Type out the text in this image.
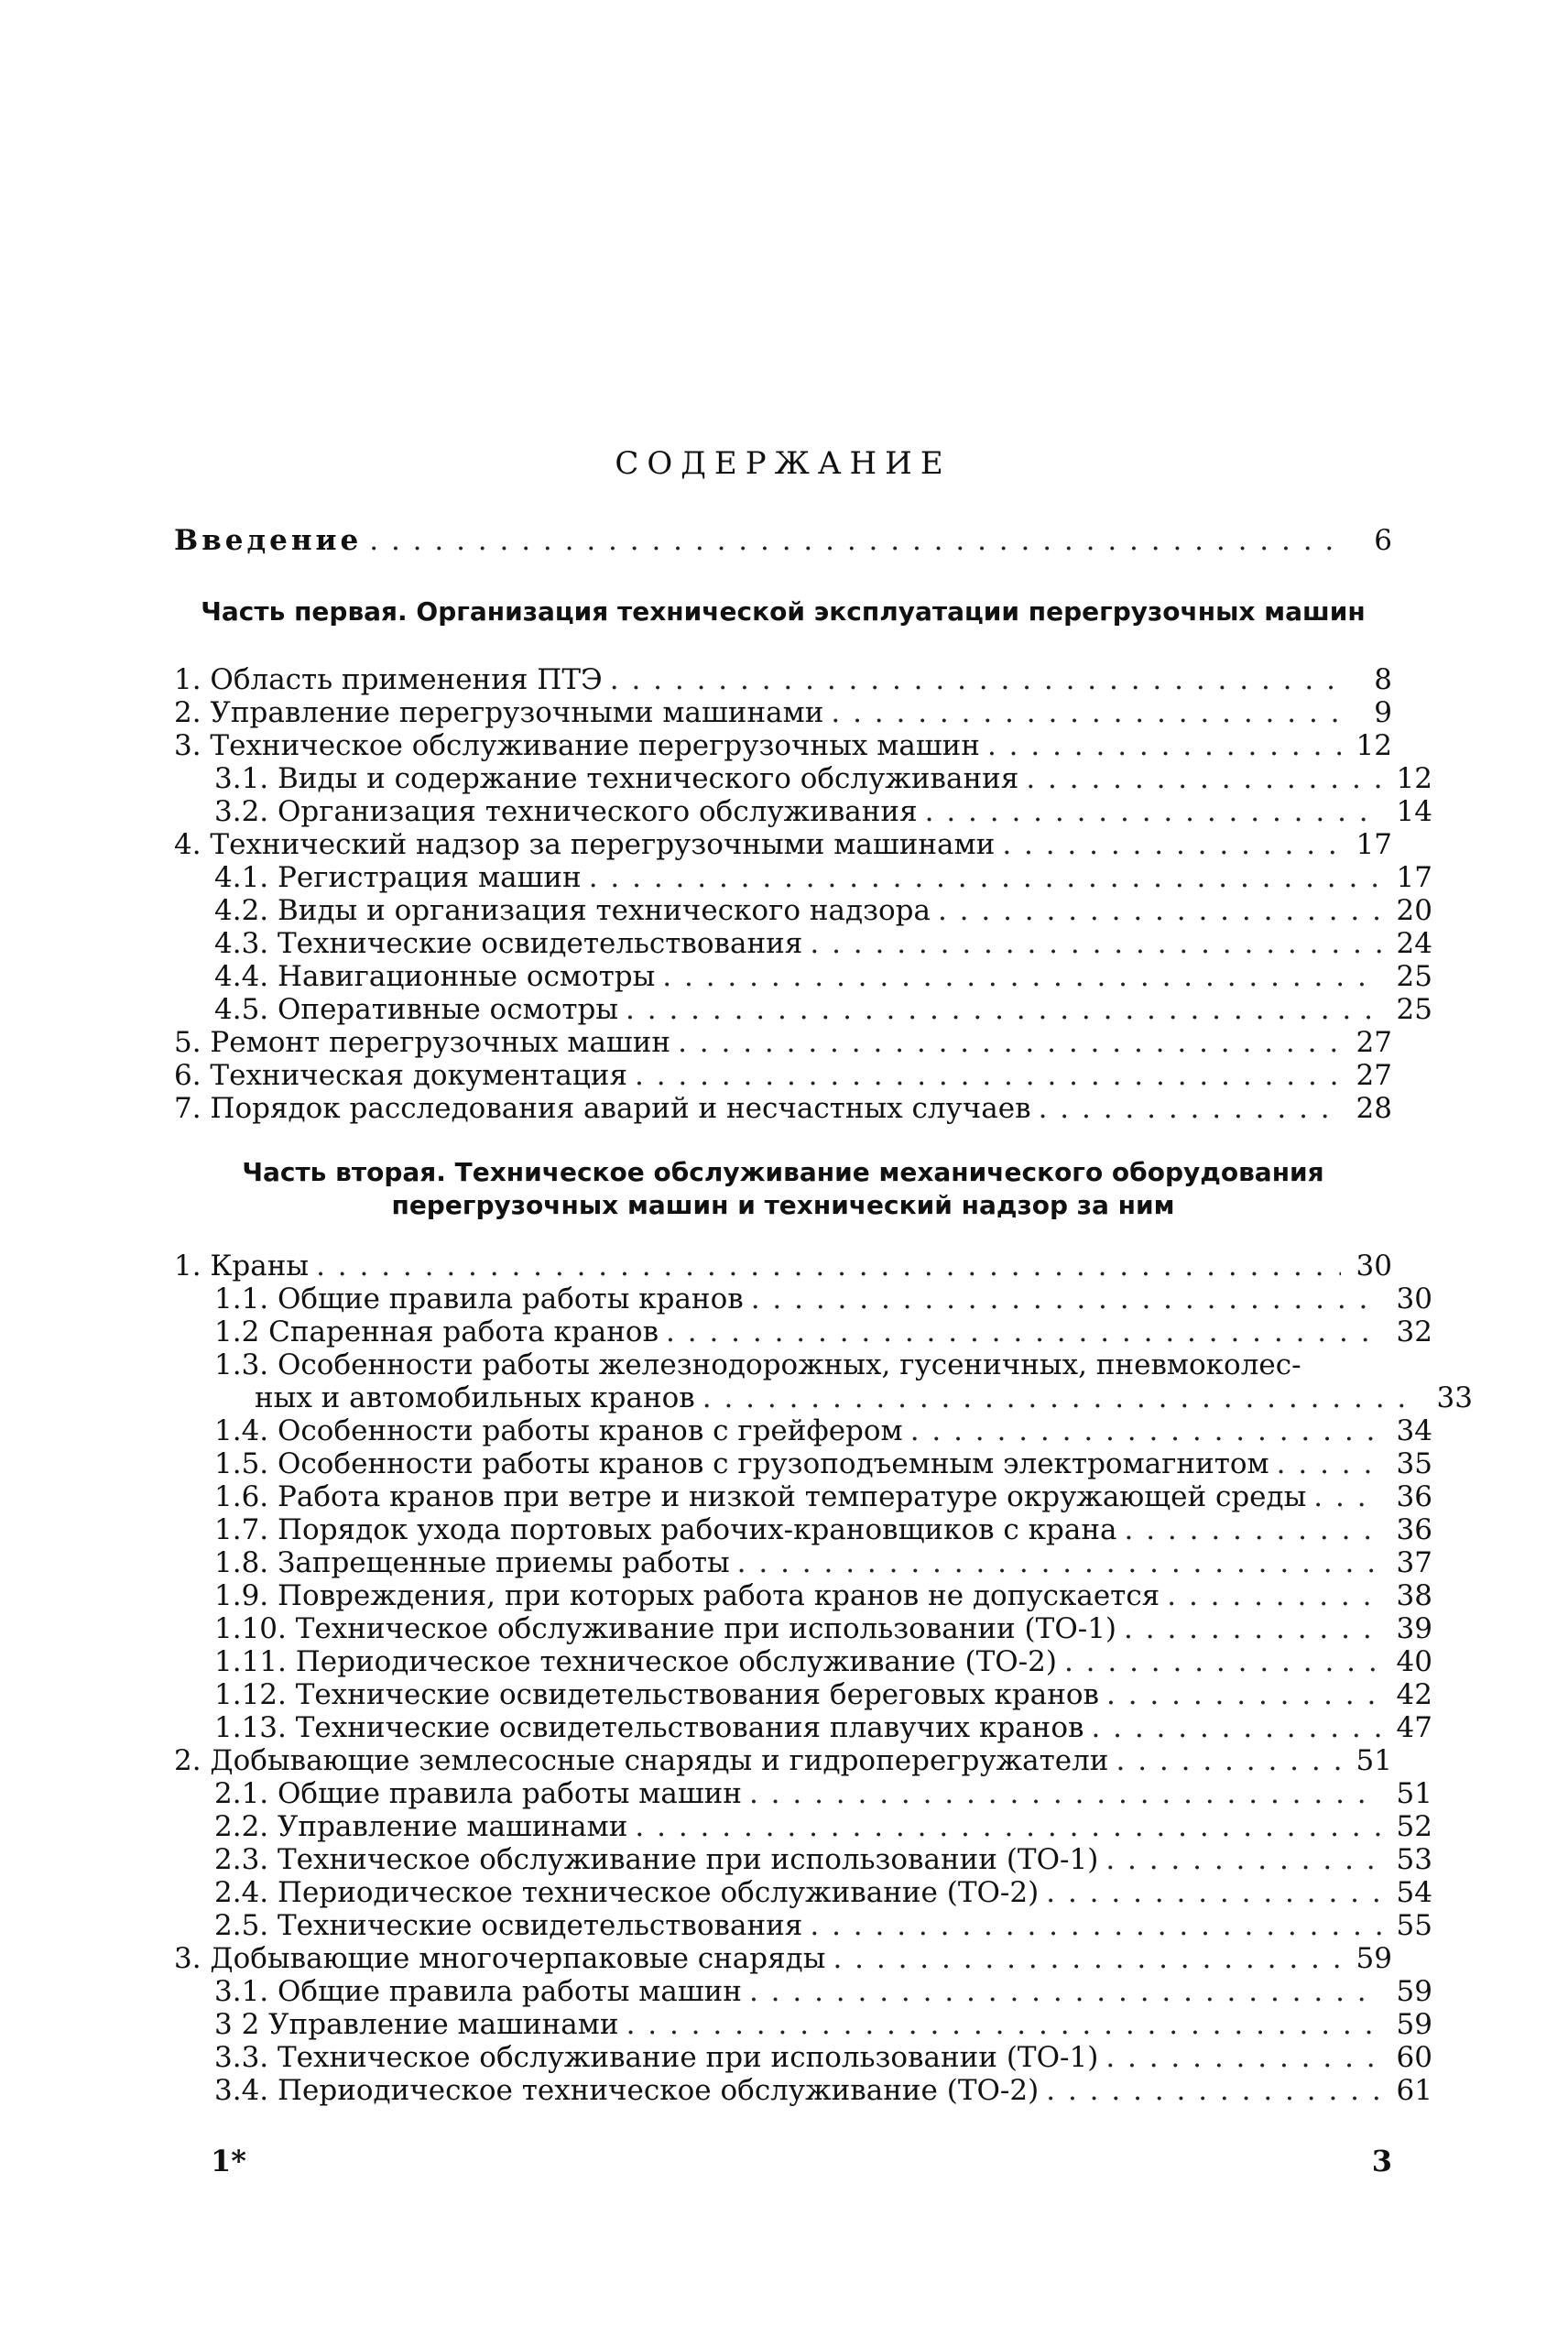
СОДЕРЖАНИЕ
Введение . . .	6
Часть первая. Организация технической эксплуатации перегрузочных машин
1. Область применения ПТЭ . . .	8
2. Управление перегрузочными машинами . . .	9
3. Техническое обслуживание перегрузочных машин . . .	12
3.1. Виды и содержание технического обслуживания . . .	12
3.2. Организация технического обслуживания . . .	14
4. Технический надзор за перегрузочными машинами . . .	17
4.1. Регистрация машин . . .	17
4.2. Виды и организация технического надзора . . .	20
4.3. Технические освидетельствования . . .	24
4.4. Навигационные осмотры . . .	25
4.5. Оперативные осмотры . . .	25
5. Ремонт перегрузочных машин . . .	27
6. Техническая документация . . .	27
7. Порядок расследования аварий и несчастных случаев . . .	28
Часть вторая. Техническое обслуживание механического оборудования
перегрузочных машин и технический надзор за ним
1. Краны . . .	30
1.1. Общие правила работы кранов . . .	30
1.2 Спаренная работа кранов . . .	32
1.3. Особенности работы железнодорожных, гусеничных, пневмоколес-
ных и автомобильных кранов . . .	33
1.4. Особенности работы кранов с грейфером . . .	34
1.5. Особенности работы кранов с грузоподъемным электромагнитом . . .	35
1.6. Работа кранов при ветре и низкой температуре окружающей среды . . .	36
1.7. Порядок ухода портовых рабочих-крановщиков с крана . . .	36
1.8. Запрещенные приемы работы . . .	37
1.9. Повреждения, при которых работа кранов не допускается . . .	38
1.10. Техническое обслуживание при использовании (ТО-1) . . .	39
1.11. Периодическое техническое обслуживание (ТО-2) . . .	40
1.12. Технические освидетельствования береговых кранов . . .	42
1.13. Технические освидетельствования плавучих кранов . . .	47
2. Добывающие землесосные снаряды и гидроперегружатели . . .	51
2.1. Общие правила работы машин . . .	51
2.2. Управление машинами . . .	52
2.3. Техническое обслуживание при использовании (ТО-1) . . .	53
2.4. Периодическое техническое обслуживание (ТО-2) . . .	54
2.5. Технические освидетельствования . . .	55
3. Добывающие многочерпаковые снаряды . . .	59
3.1. Общие правила работы машин . . .	59
3 2 Управление машинами . . .	59
3.3. Техническое обслуживание при использовании (ТО-1) . . .	60
3.4. Периодическое техническое обслуживание (ТО-2) . . .	61
1*	3
